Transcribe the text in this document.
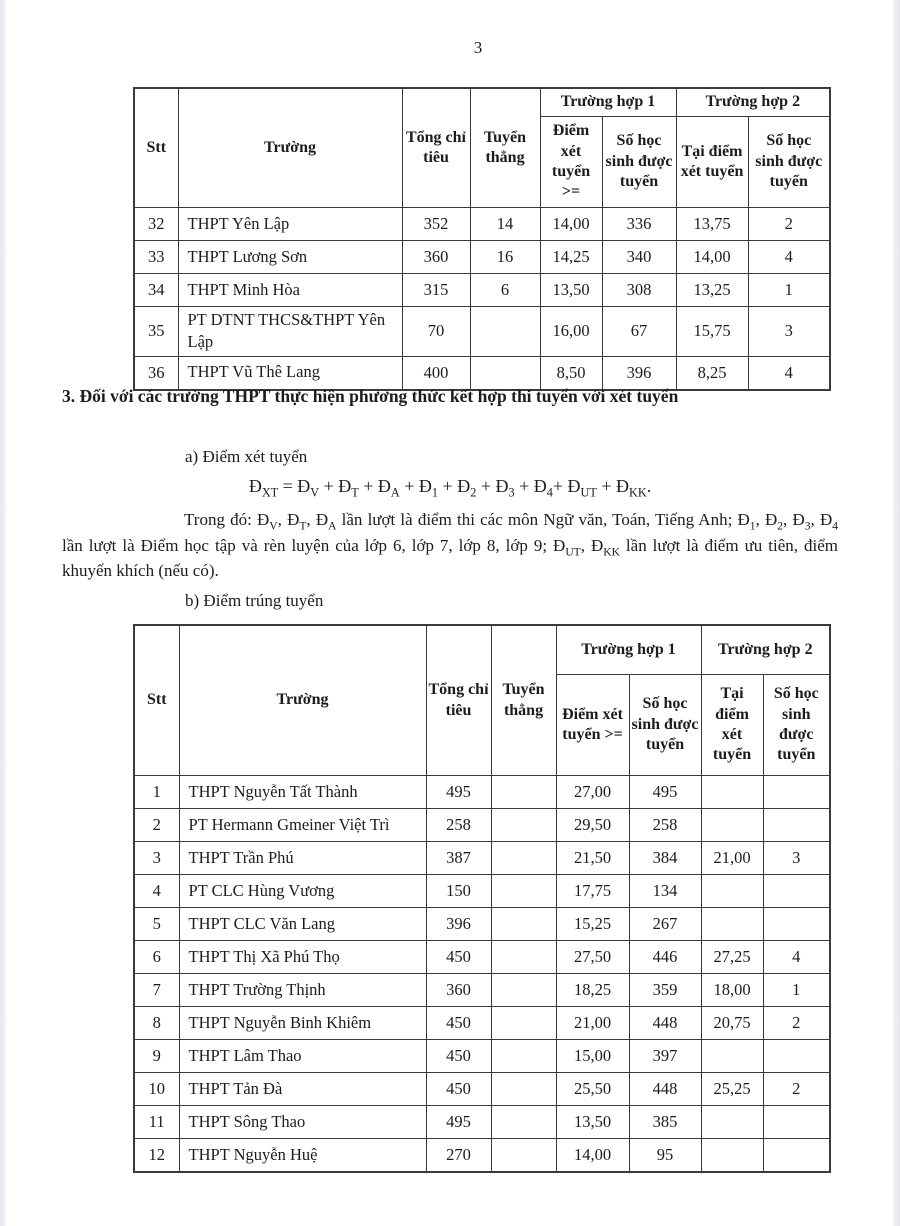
3
Stt	Trường	Tổng chỉ tiêu	Tuyển thẳng	Trường hợp 1		Trường hợp 2	
				Điểm xét tuyển >=	Số học sinh được tuyển	Tại điểm xét tuyển	Số học sinh được tuyển
32	THPT Yên Lập	352	14	14,00	336	13,75	2
33	THPT Lương Sơn	360	16	14,25	340	14,00	4
34	THPT Minh Hòa	315	6	13,50	308	13,25	1
35	PT DTNT THCS&THPT Yên Lập	70		16,00	67	15,75	3
36	THPT Vũ Thê Lang	400		8,50	396	8,25	4

3. Đối với các trường THPT thực hiện phương thức kết hợp thi tuyển với xét tuyển

a) Điểm xét tuyển

$Đ_{XT}$ = $Đ_V$ + $Đ_T$ + $Đ_A$ + $Đ_1$ + $Đ_2$ + $Đ_3$ + $Đ_4+$ $Đ_{UT}$ + $Đ_{KK}$.

Trong đó: $Đ_V$, $Đ_T$, $Đ_A$ lần lượt là điểm thi các môn Ngữ văn, Toán, Tiếng Anh; $Đ_1$, $Đ_2$, $Đ_3$, $Đ_4$ lần lượt là Điểm học tập và rèn luyện của lớp 6, lớp 7, lớp 8, lớp 9; $Đ_{UT}$, $Đ_{KK}$ lần lượt là điểm ưu tiên, điểm khuyến khích (nếu có).

b) Điểm trúng tuyển

Stt	Trường	Tổng chỉ tiêu	Tuyển thẳng	Trường hợp 1		Trường hợp 2	
				Điểm xét tuyển >=	Số học sinh được tuyển	Tại điểm xét tuyển	Số học sinh được tuyển
1	THPT Nguyễn Tất Thành	495		27,00	495		
2	PT Hermann Gmeiner Việt Trì	258		29,50	258		
3	THPT Trần Phú	387		21,50	384	21,00	3
4	PT CLC Hùng Vương	150		17,75	134		
5	THPT CLC Văn Lang	396		15,25	267		
6	THPT Thị Xã Phú Thọ	450		27,50	446	27,25	4
7	THPT Trường Thịnh	360		18,25	359	18,00	1
8	THPT Nguyễn Binh Khiêm	450		21,00	448	20,75	2
9	THPT Lâm Thao	450		15,00	397		
10	THPT Tản Đà	450		25,50	448	25,25	2
11	THPT Sông Thao	495		13,50	385		
12	THPT Nguyễn Huệ	270		14,00	95		
